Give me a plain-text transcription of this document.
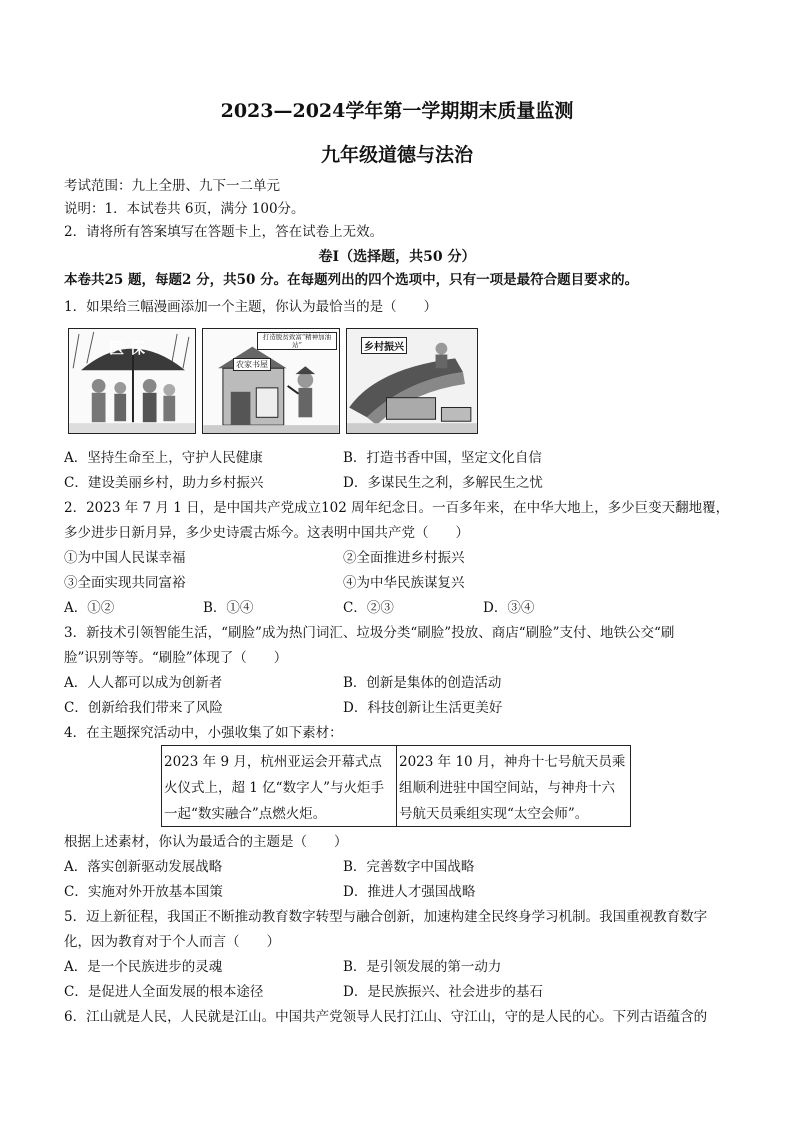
2023—2024学年第一学期期末质量监测
九年级道德与法治
考试范围：九上全册、九下一二单元
说明：1．本试卷共 6页，满分 100分。
2．请将所有答案填写在答题卡上，答在试卷上无效。
卷Ⅰ（选择题，共50 分）
本卷共25 题，每题2 分，共50 分。在每题列出的四个选项中，只有一项是最符合题目要求的。
1．如果给三幅漫画添加一个主题，你认为最恰当的是（　　）
医保
打造脱贫致富“精神加油站”
农家书屋
乡村振兴
A．坚持生命至上，守护人民健康	B．打造书香中国，坚定文化自信
C．建设美丽乡村，助力乡村振兴	D．多谋民生之利，多解民生之忧
2．2023 年 7 月 1 日，是中国共产党成立102 周年纪念日。一百多年来，在中华大地上，多少巨变天翻地覆，
多少进步日新月异，多少史诗震古烁今。这表明中国共产党（　　）
①为中国人民谋幸福	②全面推进乡村振兴
③全面实现共同富裕	④为中华民族谋复兴
A．①②	B．①④	C．②③	D．③④
3．新技术引领智能生活，“刷脸”成为热门词汇、垃圾分类“刷脸”投放、商店“刷脸”支付、地铁公交“刷
脸”识别等等。“刷脸”体现了（　　）
A．人人都可以成为创新者	B．创新是集体的创造活动
C．创新给我们带来了风险	D．科技创新让生活更美好
4．在主题探究活动中，小强收集了如下素材：
2023 年 9 月，杭州亚运会开幕式点火仪式上，超 1 亿“数字人”与火炬手一起“数实融合”点燃火炬。
2023 年 10 月，神舟十七号航天员乘组顺利进驻中国空间站，与神舟十六号航天员乘组实现“太空会师”。
根据上述素材，你认为最适合的主题是（　　）
A．落实创新驱动发展战略	B．完善数字中国战略
C．实施对外开放基本国策	D．推进人才强国战略
5．迈上新征程，我国正不断推动教育数字转型与融合创新，加速构建全民终身学习机制。我国重视教育数字
化，因为教育对于个人而言（　　）
A．是一个民族进步的灵魂	B．是引领发展的第一动力
C．是促进人全面发展的根本途径	D．是民族振兴、社会进步的基石
6．江山就是人民，人民就是江山。中国共产党领导人民打江山、守江山，守的是人民的心。下列古语蕴含的
